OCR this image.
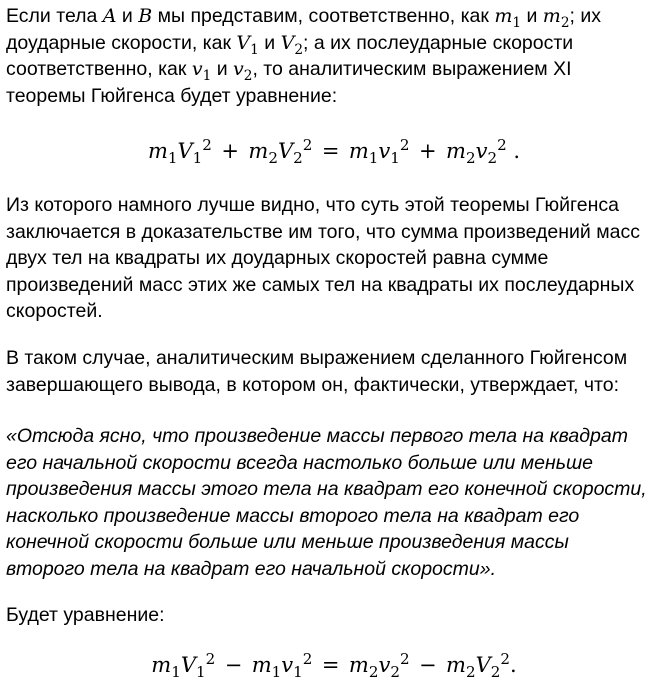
Если тела A и B мы представим, соответственно, как $m_1$ и $m_2$; их
доударные скорости, как $V_1$ и $V_2$; а их послеударные скорости
соответственно, как $v_1$ и $v_2$, то аналитическим выражением XI
теоремы Гюйгенса будет уравнение:

$m_1V_1^2 + m_2V_2^2 = m_1v_1^2 + m_2v_2^2$ .

Из которого намного лучше видно, что суть этой теоремы Гюйгенса
заключается в доказательстве им того, что сумма произведений масс
двух тел на квадраты их доударных скоростей равна сумме
произведений масс этих же самых тел на квадраты их послеударных
скоростей.

В таком случае, аналитическим выражением сделанного Гюйгенсом
завершающего вывода, в котором он, фактически, утверждает, что:

«Отсюда ясно, что произведение массы первого тела на квадрат
его начальной скорости всегда настолько больше или меньше
произведения массы этого тела на квадрат его конечной скорости,
насколько произведение массы второго тела на квадрат его
конечной скорости больше или меньше произведения массы
второго тела на квадрат его начальной скорости».

Будет уравнение:

$m_1V_1^2 - m_1v_1^2 = m_2v_2^2 - m_2V_2^2$.
